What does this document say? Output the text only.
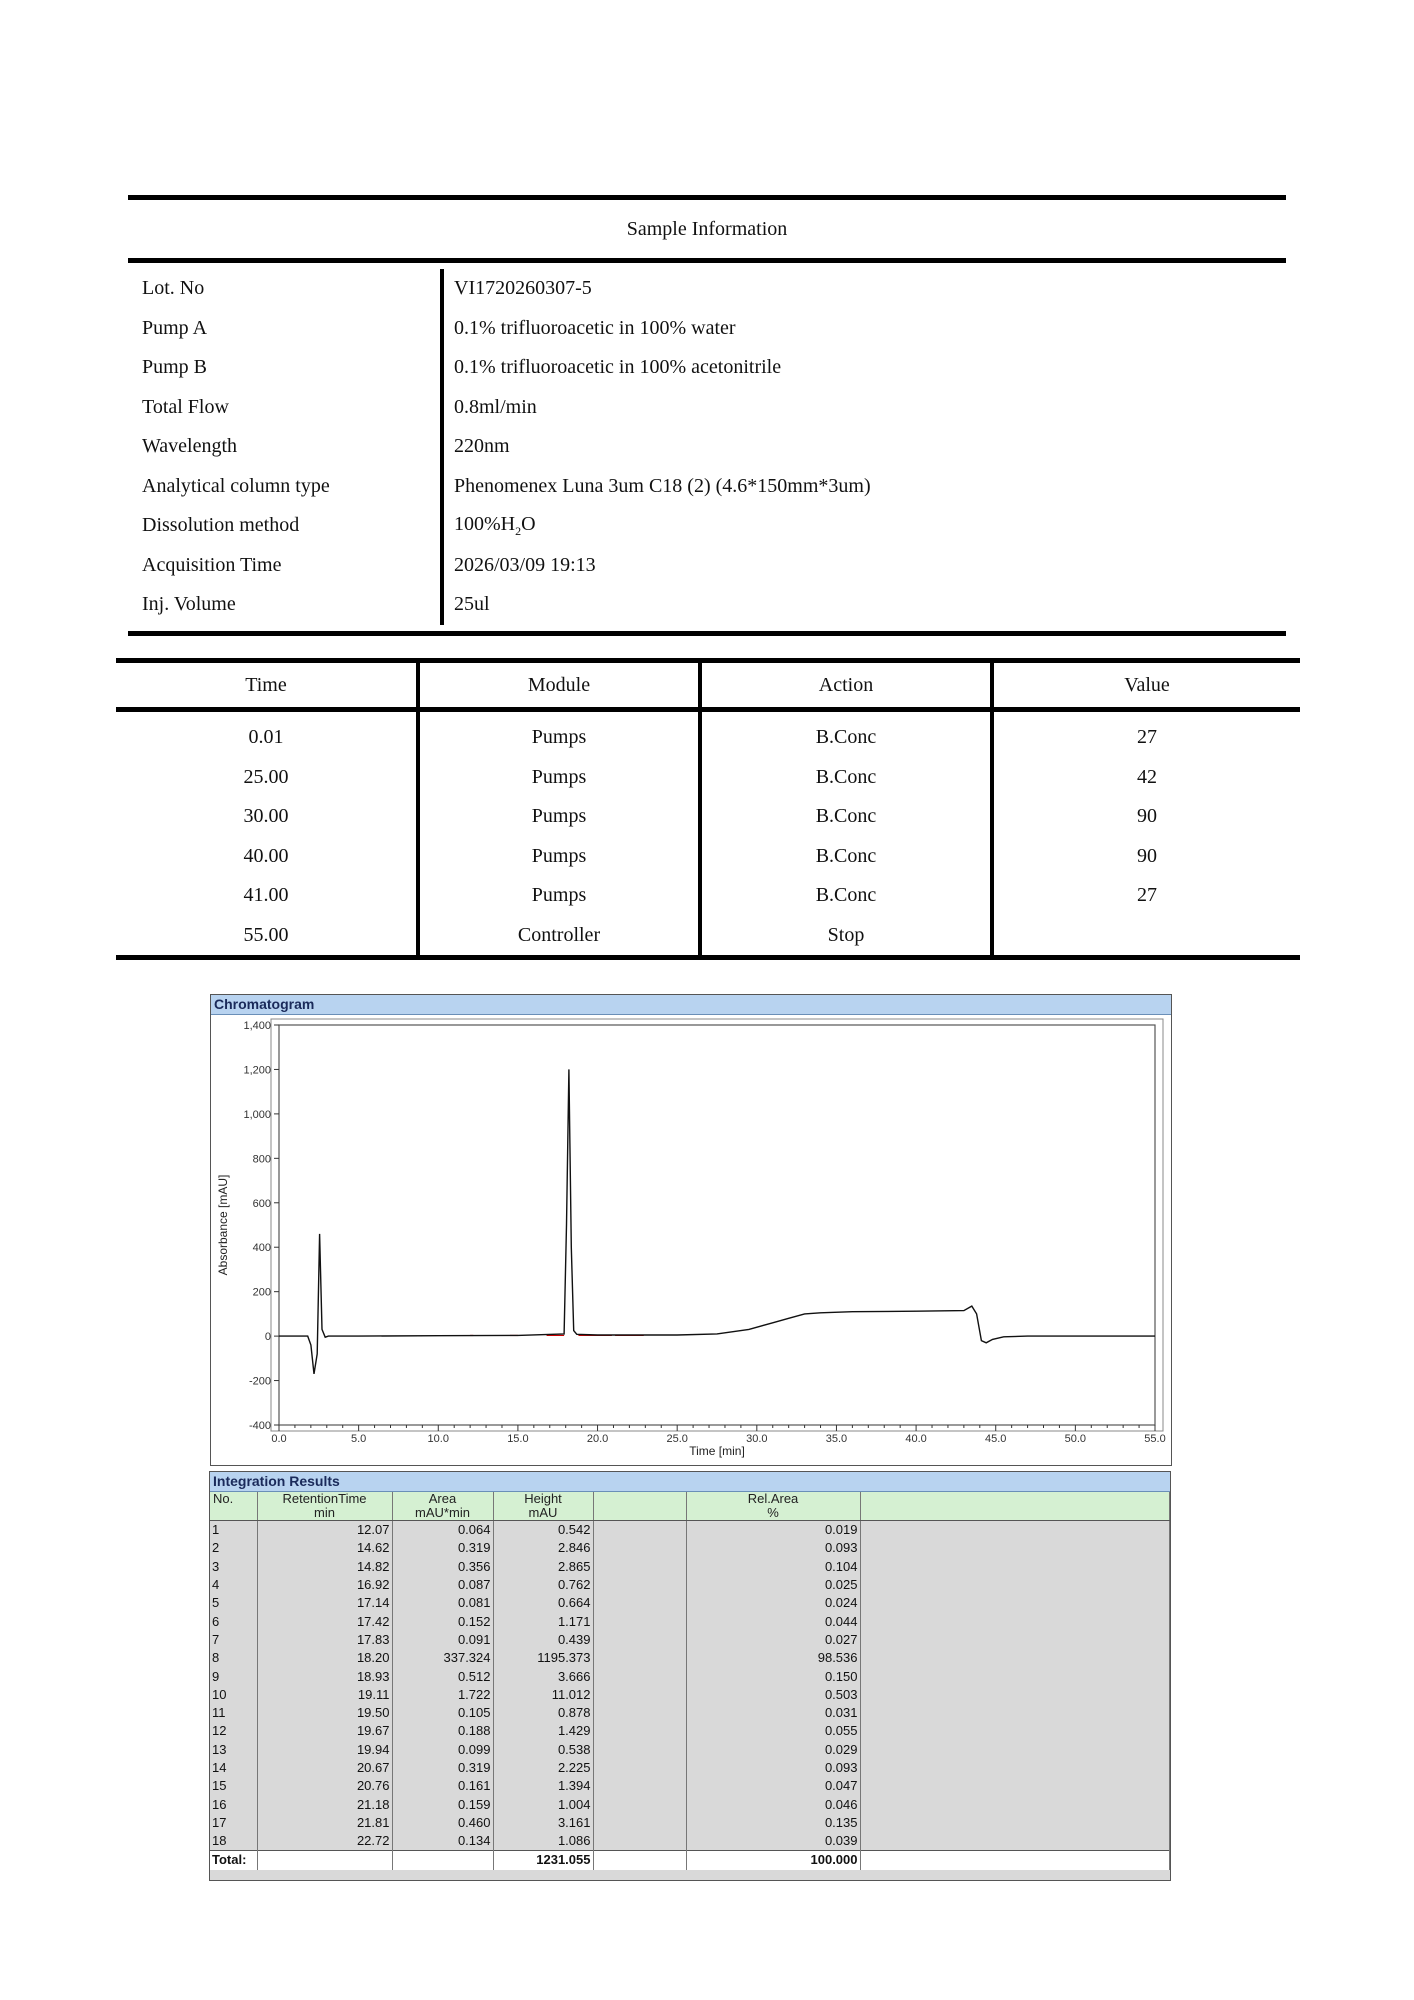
Sample Information
Lot. No	VI1720260307-5
Pump A	0.1% trifluoroacetic in 100% water
Pump B	0.1% trifluoroacetic in 100% acetonitrile
Total Flow	0.8ml/min
Wavelength	220nm
Analytical column type	Phenomenex Luna 3um C18 (2) (4.6*150mm*3um)
Dissolution method	$100\%H_2O$
Acquisition Time	2026/03/09 19:13
Inj. Volume	25ul
Time	Module	Action	Value
0.01	Pumps	B.Conc	27
25.00	Pumps	B.Conc	42
30.00	Pumps	B.Conc	90
40.00	Pumps	B.Conc	90
41.00	Pumps	B.Conc	27
55.00	Controller	Stop	
Chromatogram
-400
-200
0
200
400
600
800
1,000
1,200
1,400
0.0	5.0	10.0	15.0	20.0	25.0	30.0	35.0	40.0	45.0	50.0	55.0
Time [min]
Absorbance [mAU]
Integration Results
No.	RetentionTime	Area	Height		Rel.Area	
	min	mAU*min	mAU		%	
1	12.07	0.064	0.542		0.019	
2	14.62	0.319	2.846		0.093	
3	14.82	0.356	2.865		0.104	
4	16.92	0.087	0.762		0.025	
5	17.14	0.081	0.664		0.024	
6	17.42	0.152	1.171		0.044	
7	17.83	0.091	0.439		0.027	
8	18.20	337.324	1195.373		98.536	
9	18.93	0.512	3.666		0.150	
10	19.11	1.722	11.012		0.503	
11	19.50	0.105	0.878		0.031	
12	19.67	0.188	1.429		0.055	
13	19.94	0.099	0.538		0.029	
14	20.67	0.319	2.225		0.093	
15	20.76	0.161	1.394		0.047	
16	21.18	0.159	1.004		0.046	
17	21.81	0.460	3.161		0.135	
18	22.72	0.134	1.086		0.039	
Total:			1231.055		100.000	
